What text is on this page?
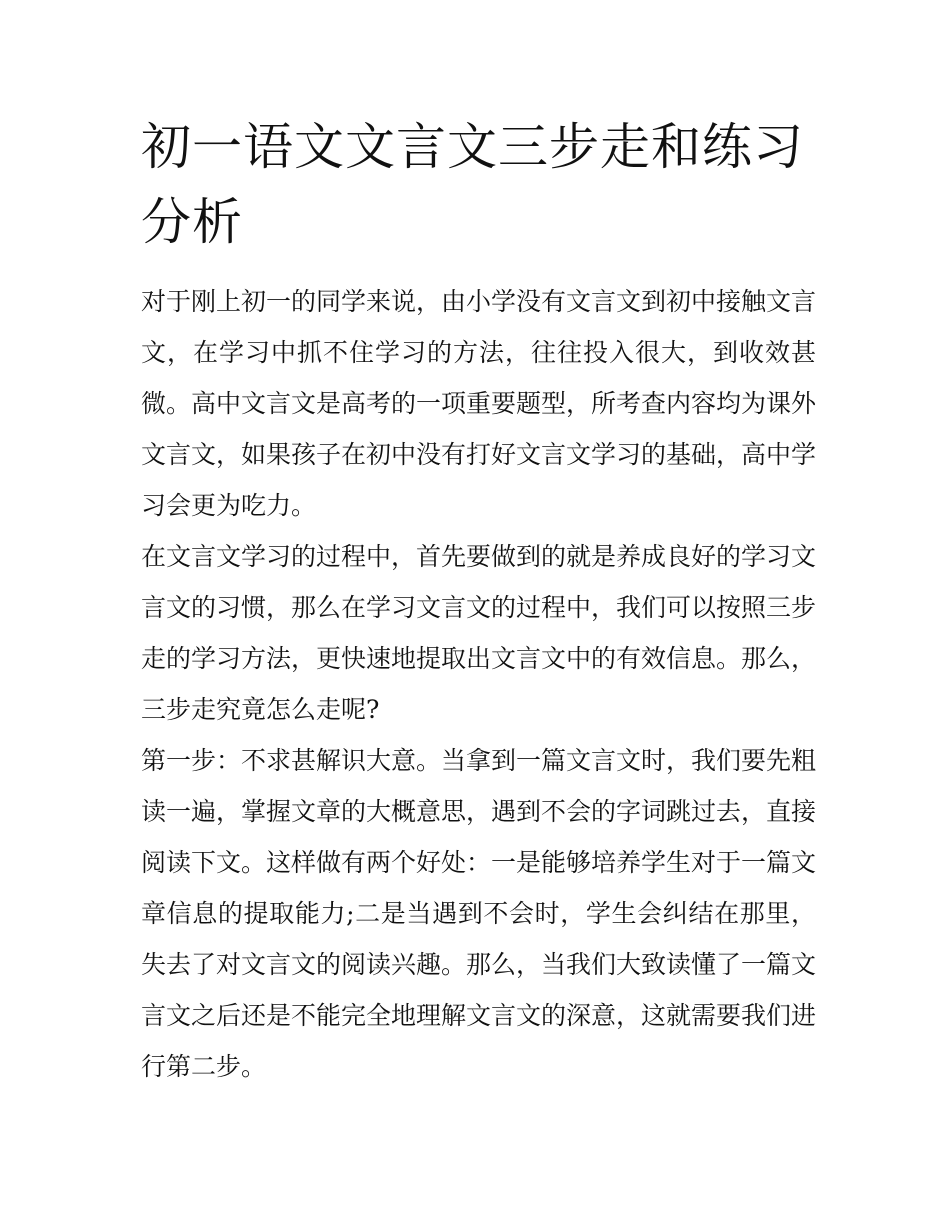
初一语文文言文三步走和练习分析

对于刚上初一的同学来说，由小学没有文言文到初中接触文言文，在学习中抓不住学习的方法，往往投入很大，到收效甚微。高中文言文是高考的一项重要题型，所考查内容均为课外文言文，如果孩子在初中没有打好文言文学习的基础，高中学习会更为吃力。

在文言文学习的过程中，首先要做到的就是养成良好的学习文言文的习惯，那么在学习文言文的过程中，我们可以按照三步走的学习方法，更快速地提取出文言文中的有效信息。那么，三步走究竟怎么走呢?

第一步：不求甚解识大意。当拿到一篇文言文时，我们要先粗读一遍，掌握文章的大概意思，遇到不会的字词跳过去，直接阅读下文。这样做有两个好处：一是能够培养学生对于一篇文章信息的提取能力;二是当遇到不会时，学生会纠结在那里，失去了对文言文的阅读兴趣。那么，当我们大致读懂了一篇文言文之后还是不能完全地理解文言文的深意，这就需要我们进行第二步。
